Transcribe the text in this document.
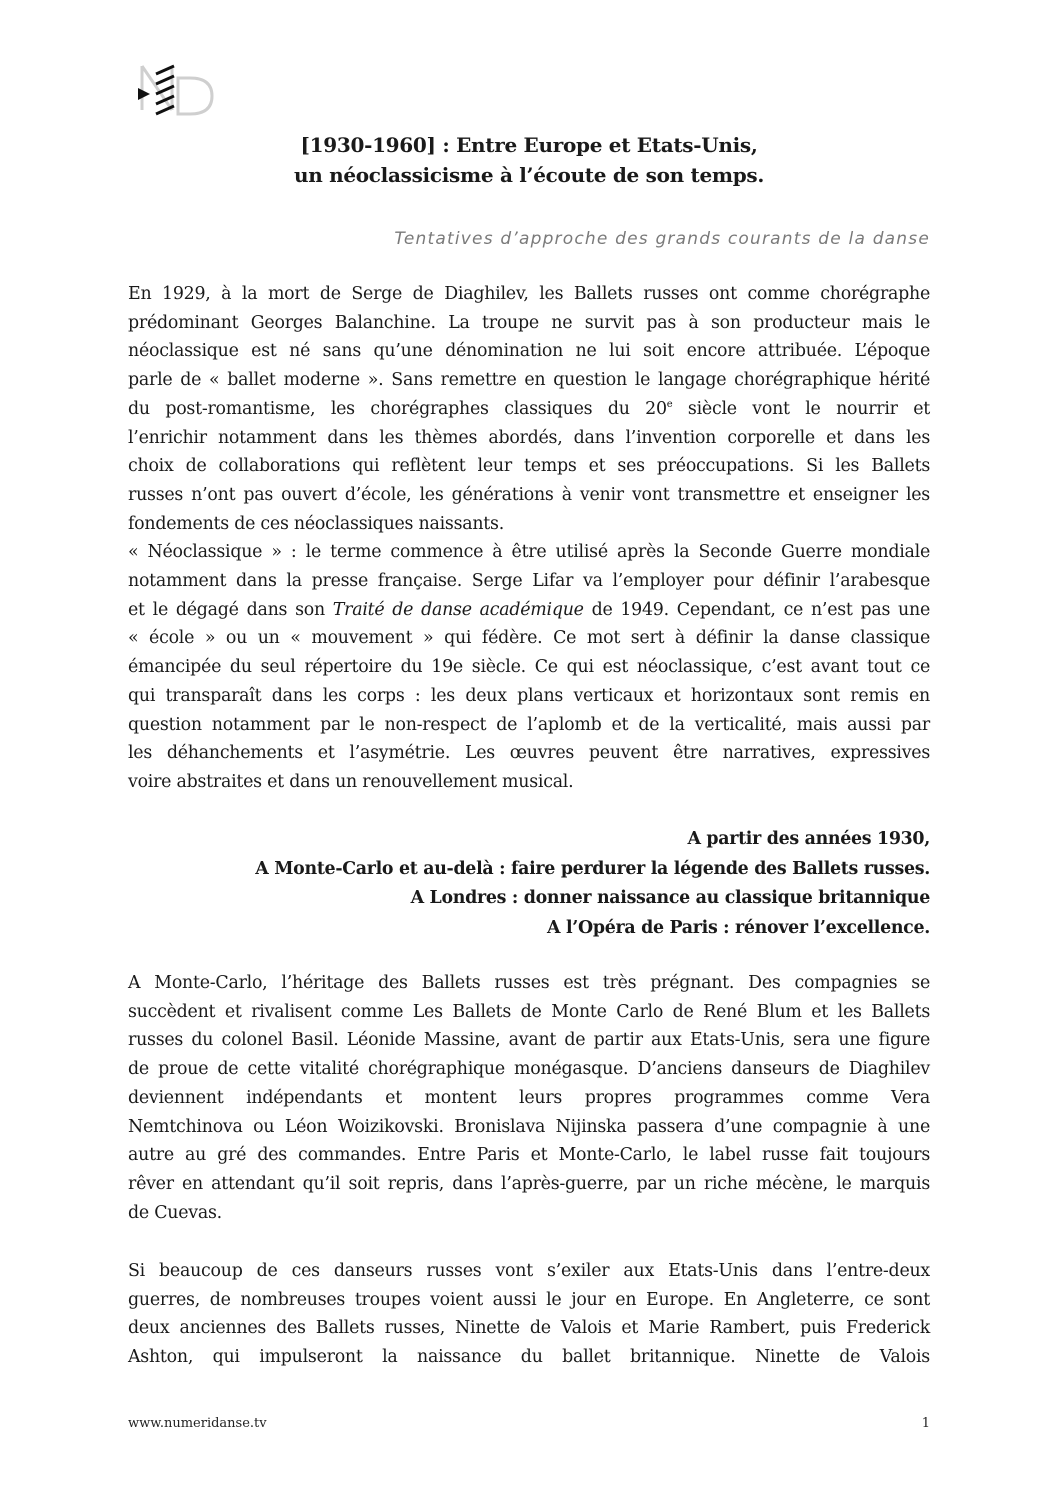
[1930-1960] : Entre Europe et Etats-Unis,
un néoclassicisme à l’écoute de son temps.
Tentatives d’approche des grands courants de la danse
En 1929, à la mort de Serge de Diaghilev, les Ballets russes ont comme chorégraphe
prédominant Georges Balanchine. La troupe ne survit pas à son producteur mais le
néoclassique est né sans qu’une dénomination ne lui soit encore attribuée. L’époque
parle de « ballet moderne ». Sans remettre en question le langage chorégraphique hérité
du post-romantisme, les chorégraphes classiques du 20e siècle vont le nourrir et
l’enrichir notamment dans les thèmes abordés, dans l’invention corporelle et dans les
choix de collaborations qui reflètent leur temps et ses préoccupations. Si les Ballets
russes n’ont pas ouvert d’école, les générations à venir vont transmettre et enseigner les
fondements de ces néoclassiques naissants.
« Néoclassique » : le terme commence à être utilisé après la Seconde Guerre mondiale
notamment dans la presse française. Serge Lifar va l’employer pour définir l’arabesque
et le dégagé dans son Traité de danse académique de 1949. Cependant, ce n’est pas une
« école » ou un « mouvement » qui fédère. Ce mot sert à définir la danse classique
émancipée du seul répertoire du 19e siècle. Ce qui est néoclassique, c’est avant tout ce
qui transparaît dans les corps : les deux plans verticaux et horizontaux sont remis en
question notamment par le non-respect de l’aplomb et de la verticalité, mais aussi par
les déhanchements et l’asymétrie. Les œuvres peuvent être narratives, expressives
voire abstraites et dans un renouvellement musical.
A partir des années 1930,
A Monte-Carlo et au-delà : faire perdurer la légende des Ballets russes.
A Londres : donner naissance au classique britannique
A l’Opéra de Paris : rénover l’excellence.
A Monte-Carlo, l’héritage des Ballets russes est très prégnant. Des compagnies se
succèdent et rivalisent comme Les Ballets de Monte Carlo de René Blum et les Ballets
russes du colonel Basil. Léonide Massine, avant de partir aux Etats-Unis, sera une figure
de proue de cette vitalité chorégraphique monégasque. D’anciens danseurs de Diaghilev
deviennent indépendants et montent leurs propres programmes comme Vera
Nemtchinova ou Léon Woizikovski. Bronislava Nijinska passera d’une compagnie à une
autre au gré des commandes. Entre Paris et Monte-Carlo, le label russe fait toujours
rêver en attendant qu’il soit repris, dans l’après-guerre, par un riche mécène, le marquis
de Cuevas.
Si beaucoup de ces danseurs russes vont s’exiler aux Etats-Unis dans l’entre-deux
guerres, de nombreuses troupes voient aussi le jour en Europe. En Angleterre, ce sont
deux anciennes des Ballets russes, Ninette de Valois et Marie Rambert, puis Frederick
Ashton, qui impulseront la naissance du ballet britannique. Ninette de Valois
www.numeridanse.tv	1
